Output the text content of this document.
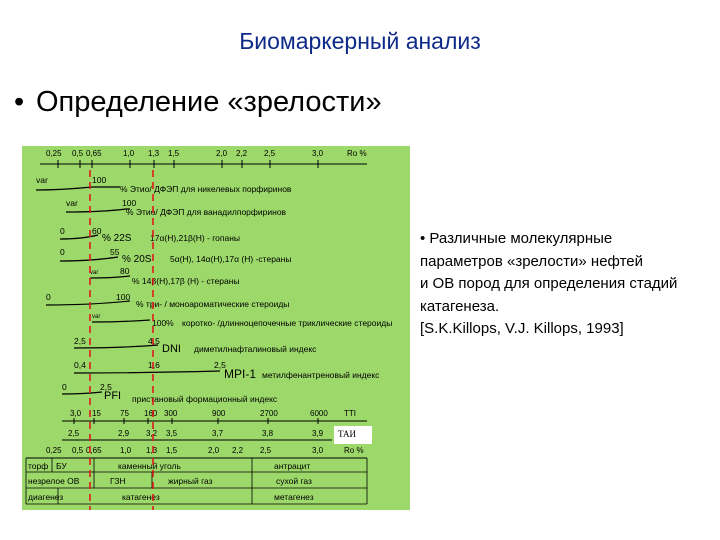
Биомаркерный анализ
• Определение «зрелости»
0,25 0,5 0,65	1,0 1,3 1,5	2,0 2,2 2,5	3,0	Ro %
var	100
% Этио/ ДФЭП для никелевых порфиринов
var	100
% Этио/ ДФЭП для ванадилпорфиринов
0	60
% 22S 17α(H),21β(H) - гопаны
0	55
% 20S 5α(H), 14α(H),17α (H) -стераны
var	80
% 14β(H),17β (H) - стераны
0	100
% три- / моноароматические стероиды
var
100% коротко- /длинноцепочечные триклические стероиды
2,5	4,5
DNI диметилнафталиновый индекс
0,4	1,6	2,5
MPI-1 метилфенантреновый индекс
0	2,5
PFI пристановый формационный индекс
3,0 15 75 160 300	900	2700	6000 TTI
2,5	2,9 3,2 3,5	3,7	3,8	3,9 ТАИ
0,25 0,5 0,65 1,0 1,3 1,5	2,0 2,2 2,5	3,0	Ro %
торф БУ	каменный уголь	антрацит
незрелое ОВ	ГЗН	жирный газ	сухой газ
диагенез	катагенез	метагенез
• Различные молекулярные
параметров «зрелости» нефтей
и ОВ пород для определения стадий
катагенеза.
[S.K.Killops, V.J. Killops, 1993]
